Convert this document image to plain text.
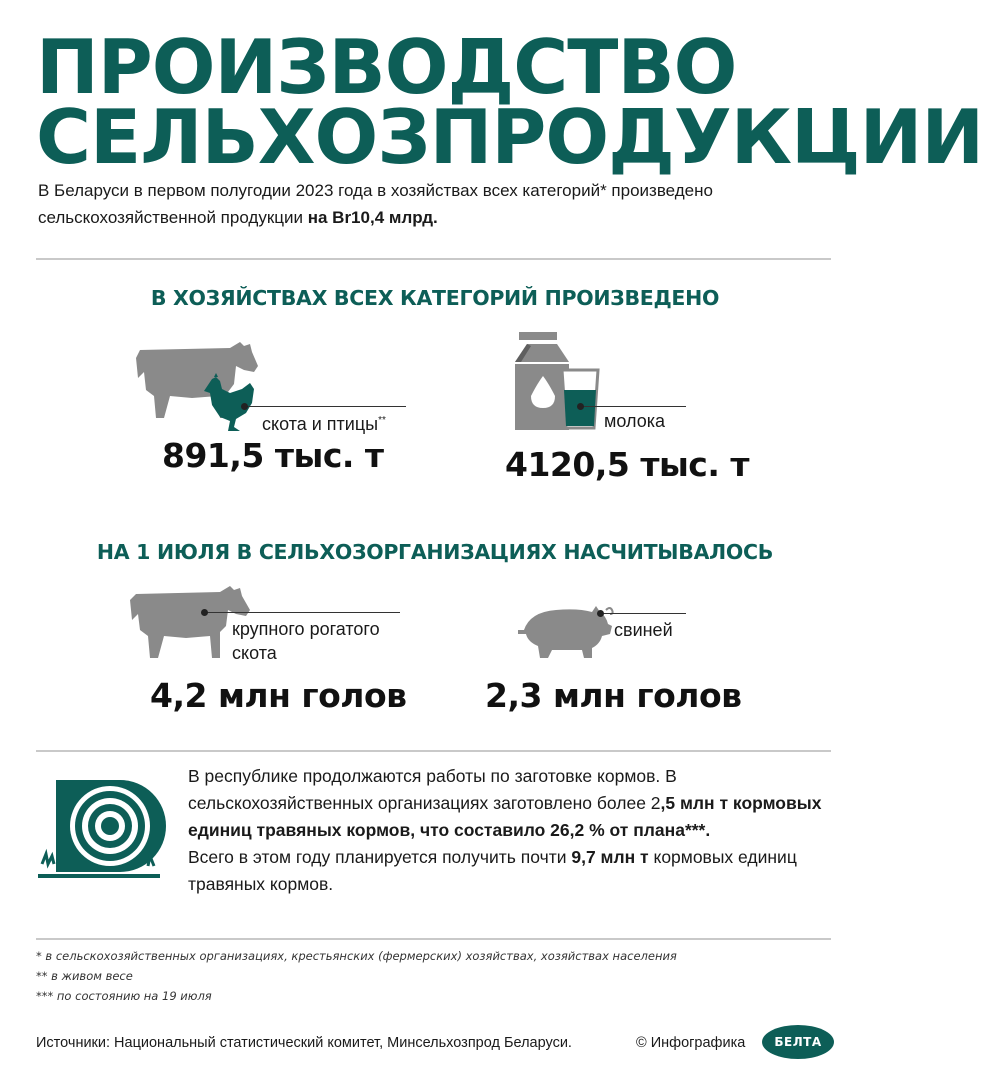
ПРОИЗВОДСТВО
СЕЛЬХОЗПРОДУКЦИИ
В Беларуси в первом полугодии 2023 года в хозяйствах всех категорий* произведено сельскохозяйственной продукции на Br10,4 млрд.
В ХОЗЯЙСТВАХ ВСЕХ КАТЕГОРИЙ ПРОИЗВЕДЕНО
скота и птицы**
891,5 тыс. т
молока
4120,5 тыс. т
НА 1 ИЮЛЯ В СЕЛЬХОЗОРГАНИЗАЦИЯХ НАСЧИТЫВАЛОСЬ
крупного рогатого
скота
4,2 млн голов
свиней
2,3 млн голов
В республике продолжаются работы по заготовке кормов. В сельскохозяйственных организациях заготовлено более 2,5 млн т кормовых единиц травяных кормов, что составило 26,2 % от плана***.
Всего в этом году планируется получить почти 9,7 млн т кормовых единиц травяных кормов.
* в сельскохозяйственных организациях, крестьянских (фермерских) хозяйствах, хозяйствах населения
** в живом весе
*** по состоянию на 19 июля
Источники: Национальный статистический комитет, Минсельхозпрод Беларуси.	© Инфографика БЕЛТА
